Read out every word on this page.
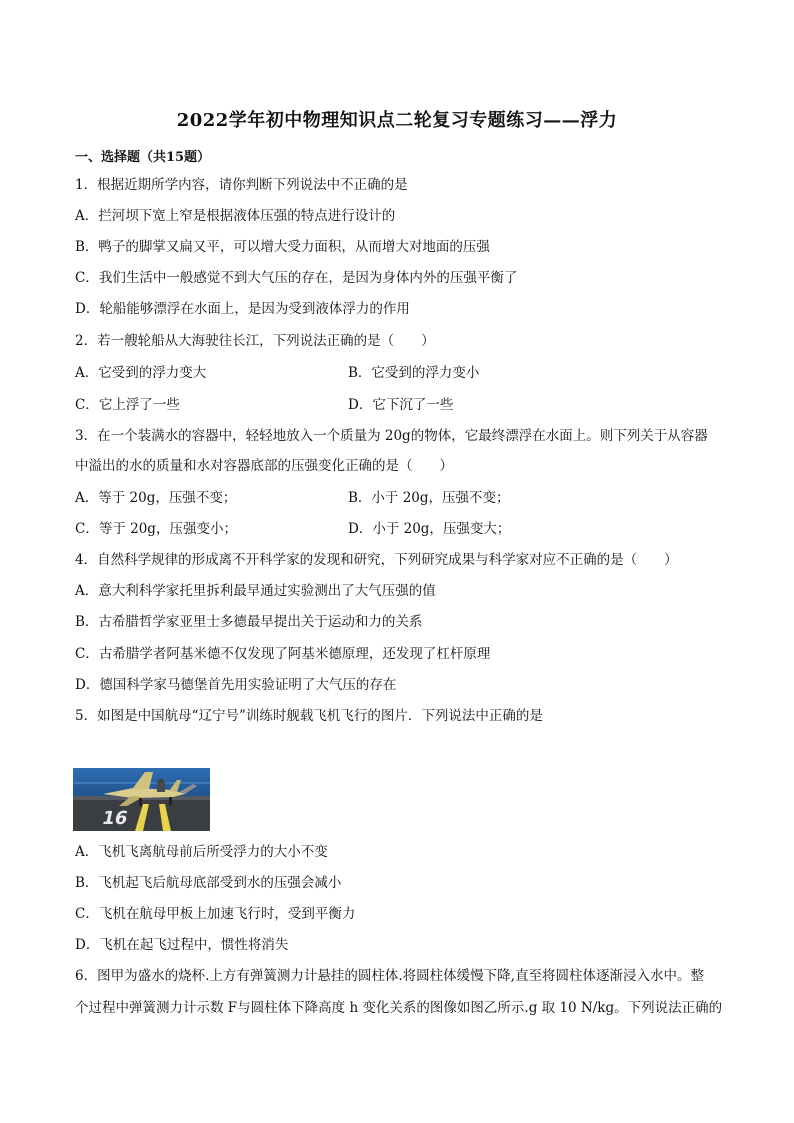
2022学年初中物理知识点二轮复习专题练习——浮力
一、选择题（共15题）
1．根据近期所学内容，请你判断下列说法中不正确的是
A．拦河坝下宽上窄是根据液体压强的特点进行设计的
B．鸭子的脚掌又扁又平，可以增大受力面积，从而增大对地面的压强
C．我们生活中一般感觉不到大气压的存在，是因为身体内外的压强平衡了
D．轮船能够漂浮在水面上，是因为受到液体浮力的作用
2．若一艘轮船从大海驶往长江，下列说法正确的是（　　）
A．它受到的浮力变大	B．它受到的浮力变小
C．它上浮了一些	D．它下沉了一些
3．在一个装满水的容器中，轻轻地放入一个质量为 20g的物体，它最终漂浮在水面上。则下列关于从容器
中溢出的水的质量和水对容器底部的压强变化正确的是（　　）
A．等于 20g，压强不变；	B．小于 20g，压强不变；
C．等于 20g，压强变小；	D．小于 20g，压强变大；
4．自然科学规律的形成离不开科学家的发现和研究，下列研究成果与科学家对应不正确的是（　　）
A．意大利科学家托里拆利最早通过实验测出了大气压强的值
B．古希腊哲学家亚里士多德最早提出关于运动和力的关系
C．古希腊学者阿基米德不仅发现了阿基米德原理，还发现了杠杆原理
D．德国科学家马德堡首先用实验证明了大气压的存在
5．如图是中国航母“辽宁号”训练时舰载飞机飞行的图片．下列说法中正确的是
16
A．飞机飞离航母前后所受浮力的大小不变
B．飞机起飞后航母底部受到水的压强会减小
C．飞机在航母甲板上加速飞行时，受到平衡力
D．飞机在起飞过程中，惯性将消失
6．图甲为盛水的烧杯.上方有弹簧测力计悬挂的圆柱体.将圆柱体缓慢下降,直至将圆柱体逐渐浸入水中。整
个过程中弹簧测力计示数 F与圆柱体下降高度 h 变化关系的图像如图乙所示.g 取 10 N/kg。下列说法正确的
